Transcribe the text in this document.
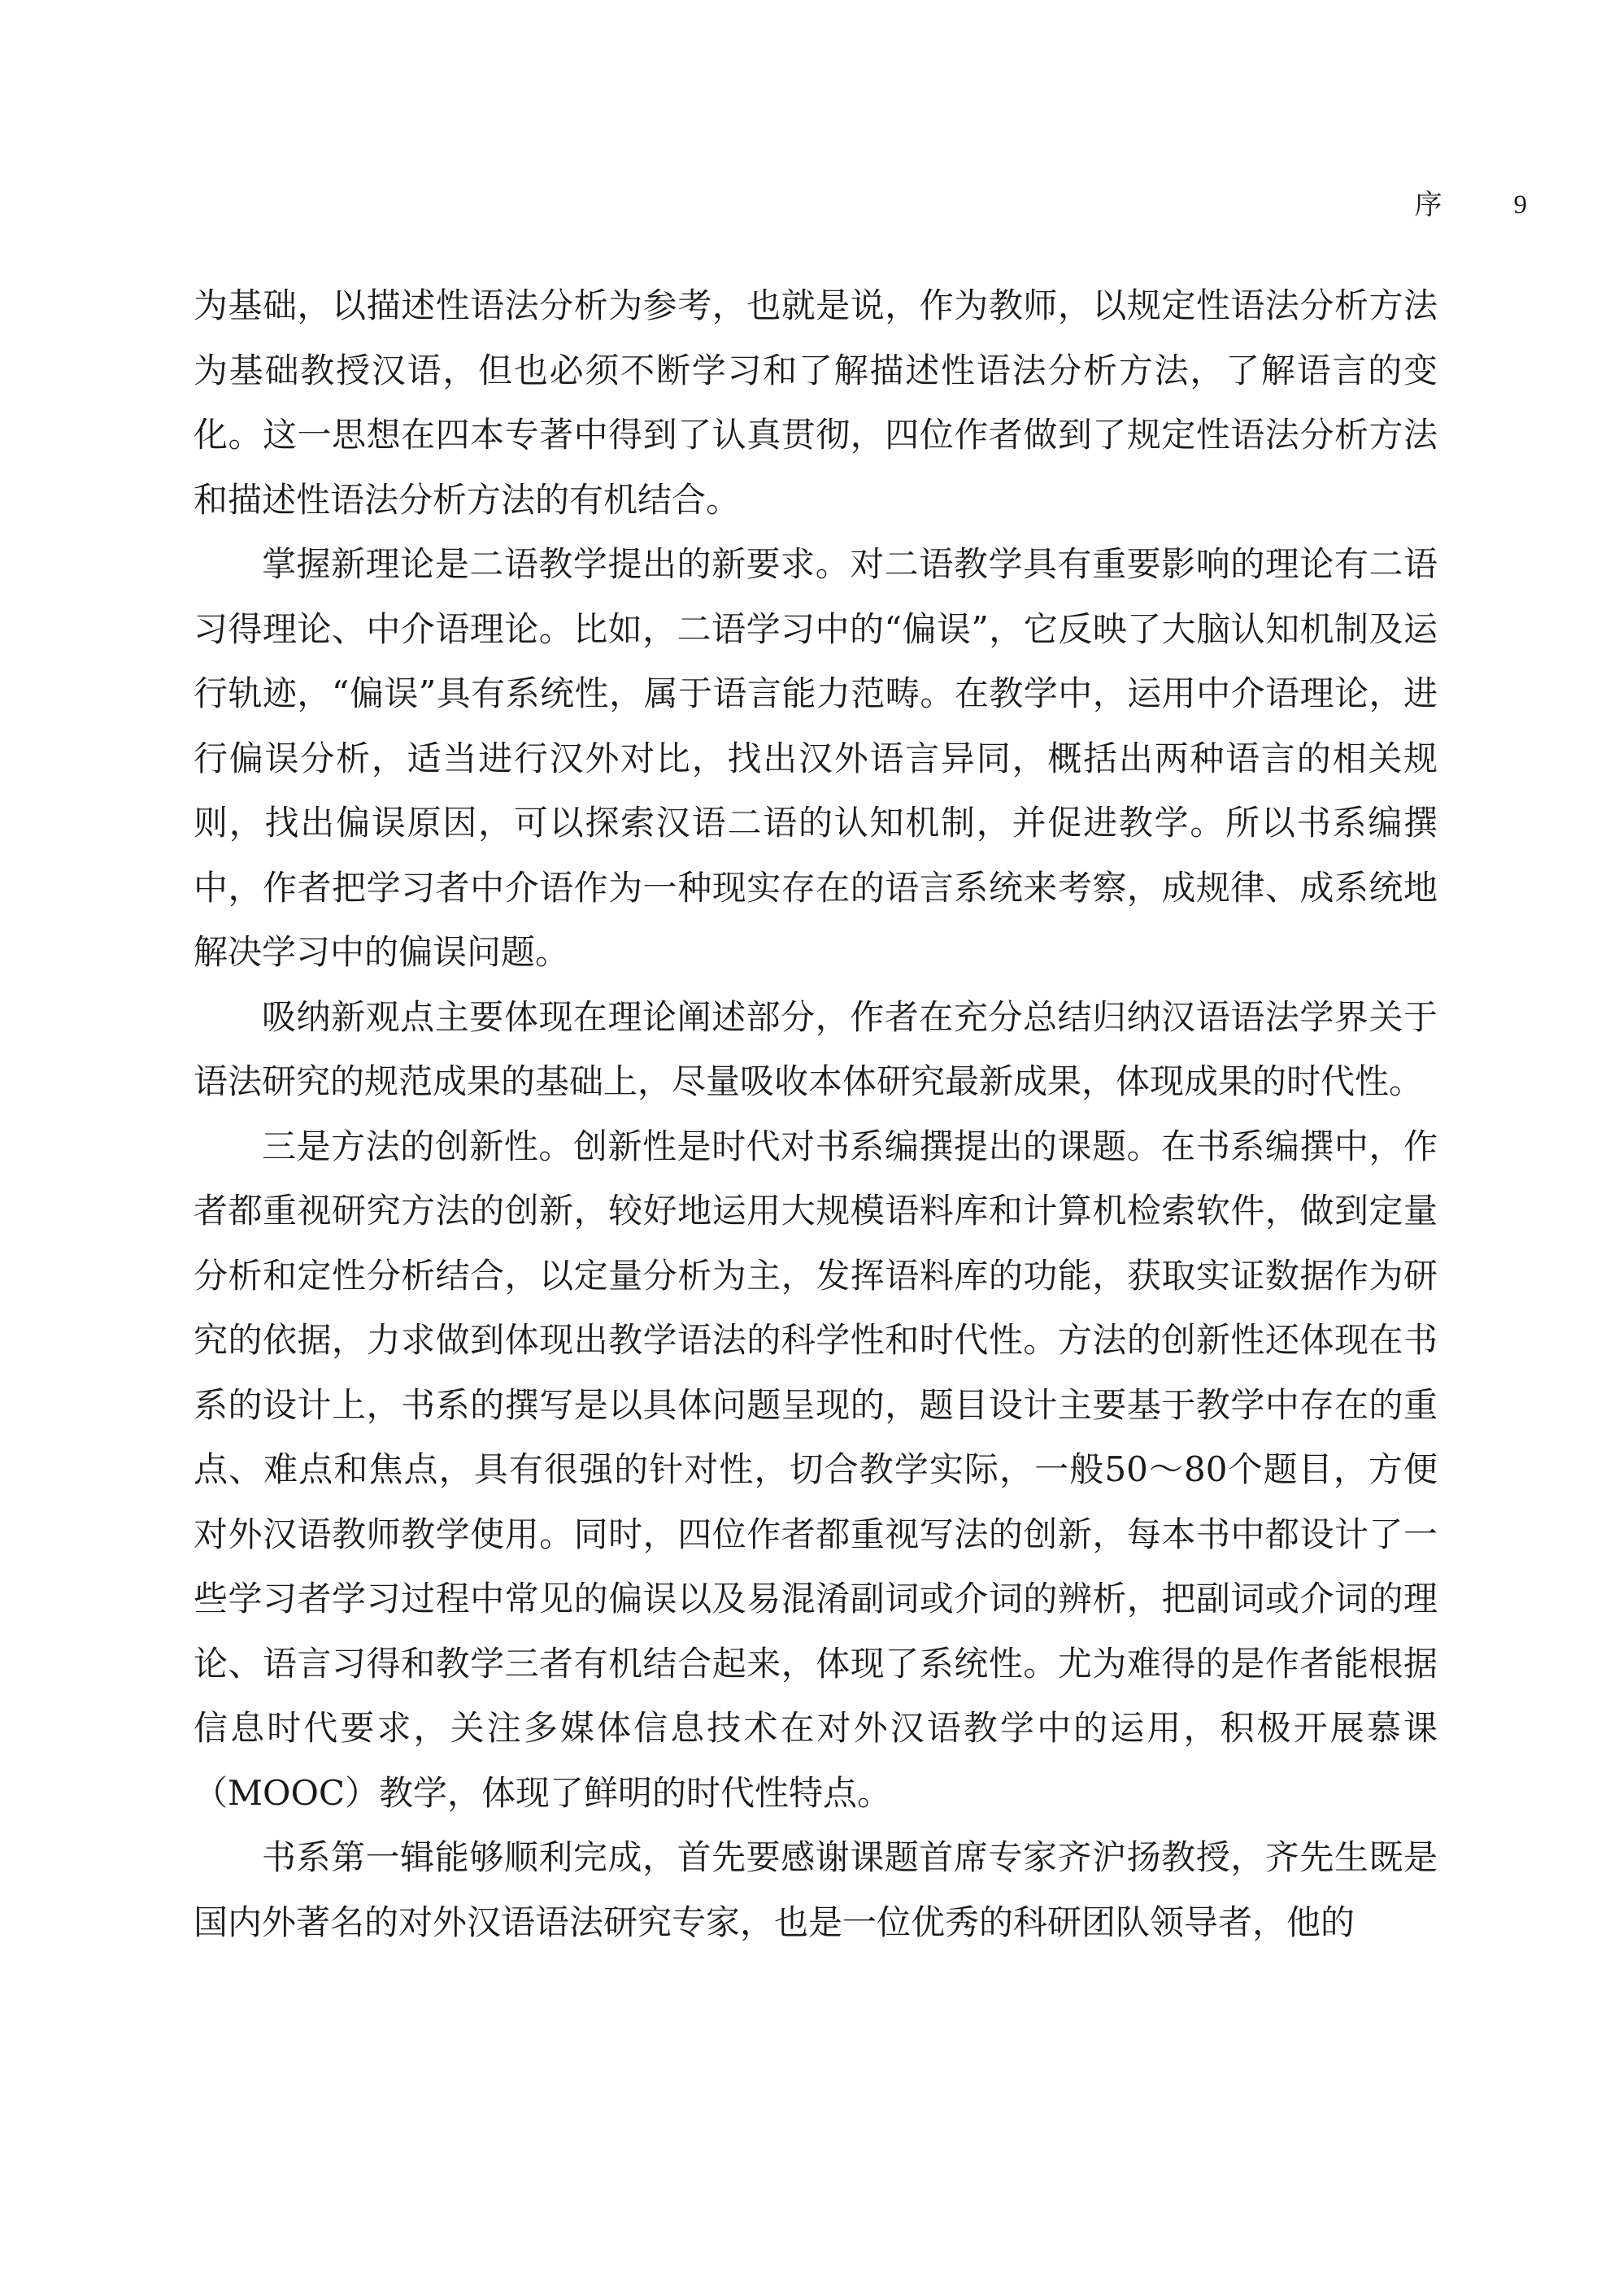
序	9

为基础，以描述性语法分析为参考，也就是说，作为教师，以规定性语法分析方法为基础教授汉语，但也必须不断学习和了解描述性语法分析方法，了解语言的变化。这一思想在四本专著中得到了认真贯彻，四位作者做到了规定性语法分析方法和描述性语法分析方法的有机结合。

掌握新理论是二语教学提出的新要求。对二语教学具有重要影响的理论有二语习得理论、中介语理论。比如，二语学习中的“偏误”，它反映了大脑认知机制及运行轨迹，“偏误”具有系统性，属于语言能力范畴。在教学中，运用中介语理论，进行偏误分析，适当进行汉外对比，找出汉外语言异同，概括出两种语言的相关规则，找出偏误原因，可以探索汉语二语的认知机制，并促进教学。所以书系编撰中，作者把学习者中介语作为一种现实存在的语言系统来考察，成规律、成系统地解决学习中的偏误问题。

吸纳新观点主要体现在理论阐述部分，作者在充分总结归纳汉语语法学界关于语法研究的规范成果的基础上，尽量吸收本体研究最新成果，体现成果的时代性。

三是方法的创新性。创新性是时代对书系编撰提出的课题。在书系编撰中，作者都重视研究方法的创新，较好地运用大规模语料库和计算机检索软件，做到定量分析和定性分析结合，以定量分析为主，发挥语料库的功能，获取实证数据作为研究的依据，力求做到体现出教学语法的科学性和时代性。方法的创新性还体现在书系的设计上，书系的撰写是以具体问题呈现的，题目设计主要基于教学中存在的重点、难点和焦点，具有很强的针对性，切合教学实际，一般50～80个题目，方便对外汉语教师教学使用。同时，四位作者都重视写法的创新，每本书中都设计了一些学习者学习过程中常见的偏误以及易混淆副词或介词的辨析，把副词或介词的理论、语言习得和教学三者有机结合起来，体现了系统性。尤为难得的是作者能根据信息时代要求，关注多媒体信息技术在对外汉语教学中的运用，积极开展慕课（MOOC）教学，体现了鲜明的时代性特点。

书系第一辑能够顺利完成，首先要感谢课题首席专家齐沪扬教授，齐先生既是国内外著名的对外汉语语法研究专家，也是一位优秀的科研团队领导者，他的
